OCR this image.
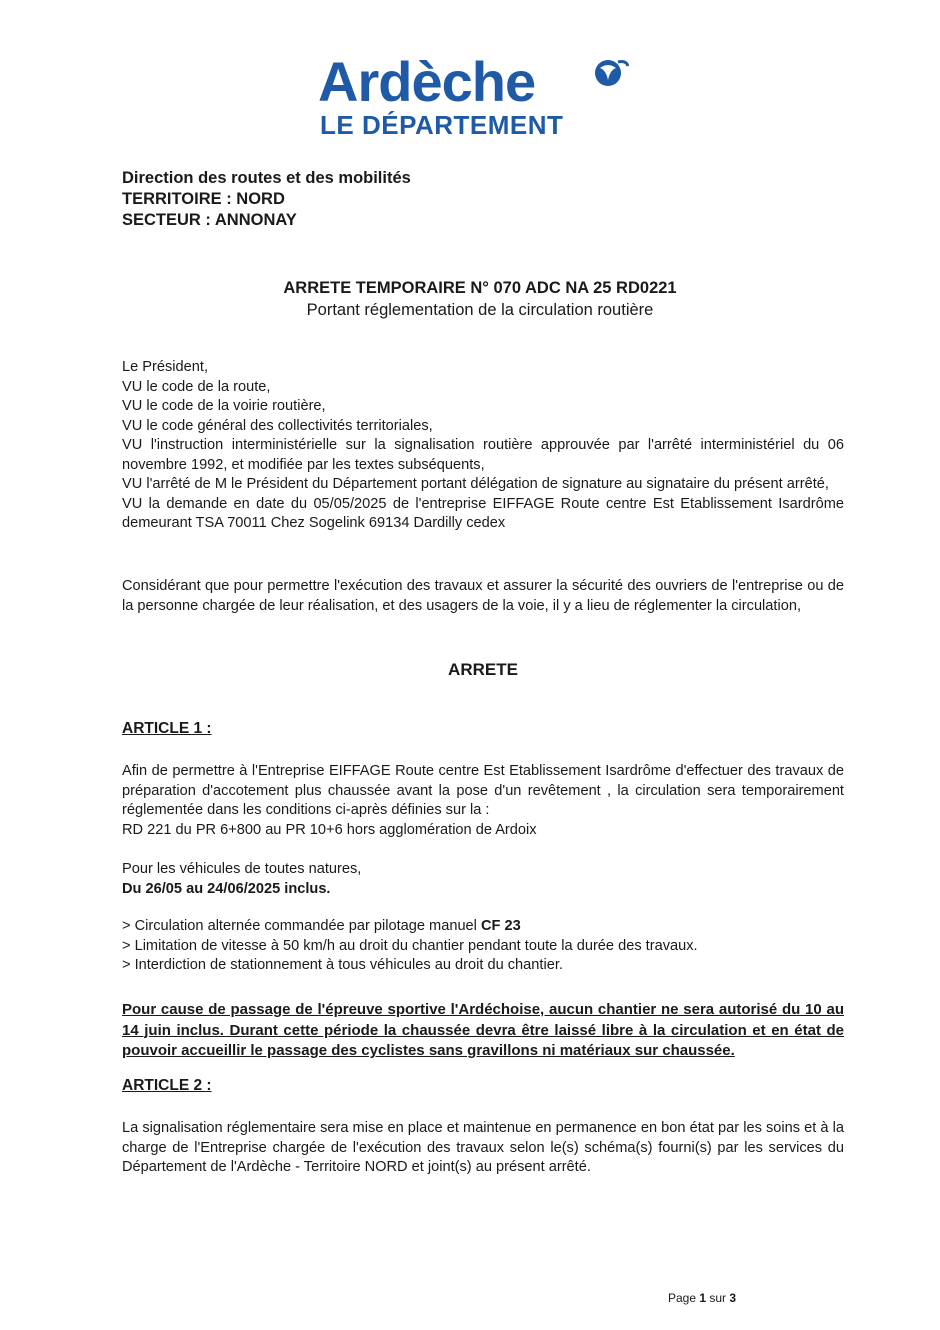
Ardèche
LE DÉPARTEMENT
Direction des routes et des mobilités
TERRITOIRE : NORD
SECTEUR : ANNONAY
ARRETE TEMPORAIRE N° 070 ADC NA 25 RD0221
Portant réglementation de la circulation routière

Le Président,

VU le code de la route,

VU le code de la voirie routière,

VU le code général des collectivités territoriales,

VU l'instruction interministérielle sur la signalisation routière approuvée par l'arrêté interministériel du 06 novembre 1992, et modifiée par les textes subséquents,

VU l'arrêté de M le Président du Département portant délégation de signature au signataire du présent arrêté,

VU la demande en date du 05/05/2025 de l'entreprise EIFFAGE Route centre Est Etablissement Isardrôme demeurant TSA 70011 Chez Sogelink 69134 Dardilly cedex

Considérant que pour permettre l'exécution des travaux et assurer la sécurité des ouvriers de l'entreprise ou de la personne chargée de leur réalisation, et des usagers de la voie, il y a lieu de réglementer la circulation,
ARRETE
ARTICLE 1 :

Afin de permettre à l'Entreprise EIFFAGE Route centre Est Etablissement Isardrôme d'effectuer des travaux de préparation d'accotement plus chaussée avant la pose d'un revêtement , la circulation sera temporairement réglementée dans les conditions ci-après définies sur la :

RD 221 du PR 6+800 au PR 10+6 hors agglomération de Ardoix

Pour les véhicules de toutes natures,

Du 26/05 au 24/06/2025 inclus.

> Circulation alternée commandée par pilotage manuel CF 23

> Limitation de vitesse à 50 km/h au droit du chantier pendant toute la durée des travaux.

> Interdiction de stationnement à tous véhicules au droit du chantier.

Pour cause de passage de l'épreuve sportive l'Ardéchoise, aucun chantier ne sera autorisé du 10 au 14 juin inclus. Durant cette période la chaussée devra être laissé libre à la circulation et en état de pouvoir accueillir le passage des cyclistes sans gravillons ni matériaux sur chaussée.
ARTICLE 2 :
La signalisation réglementaire sera mise en place et maintenue en permanence en bon état par les soins et à la charge de l'Entreprise chargée de l'exécution des travaux selon le(s) schéma(s) fourni(s) par les services du Département de l'Ardèche - Territoire NORD et joint(s) au présent arrêté.
Page 1 sur 3
